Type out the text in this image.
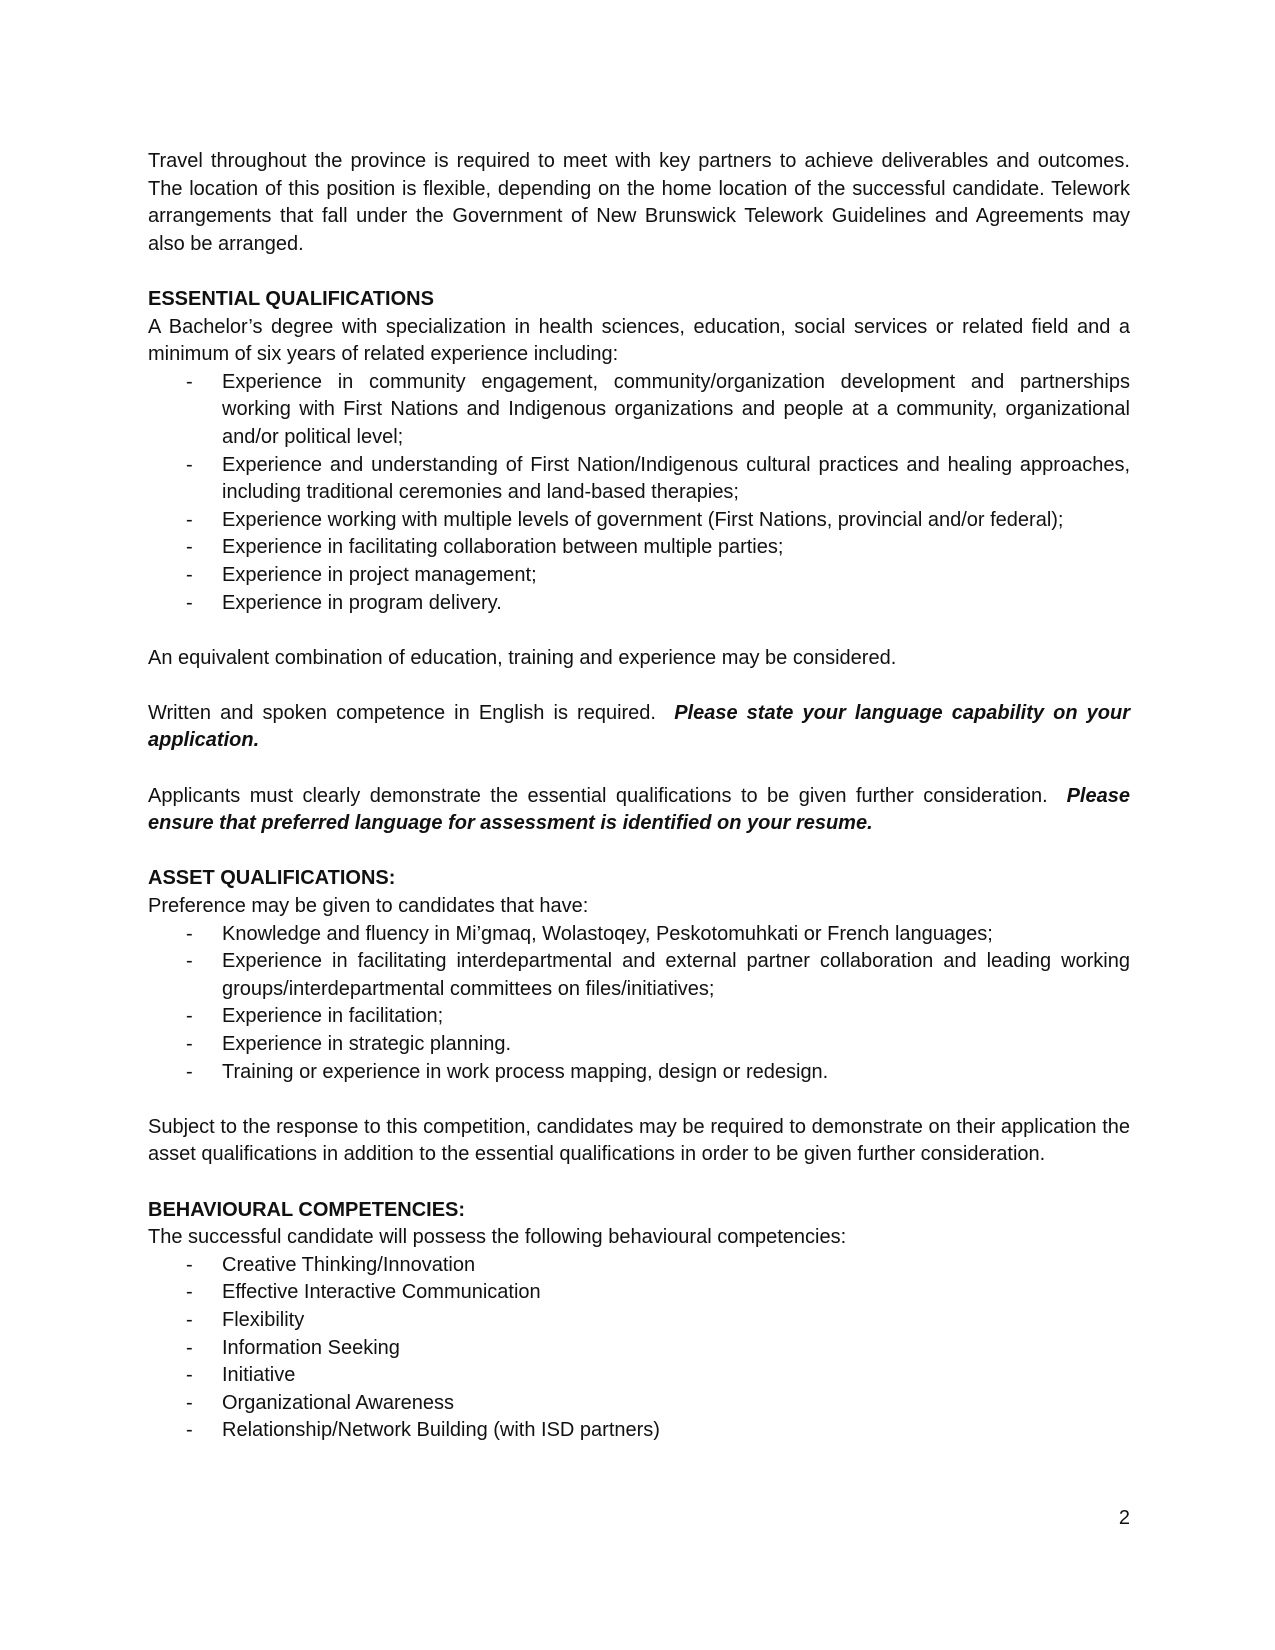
Travel throughout the province is required to meet with key partners to achieve deliverables and outcomes. The location of this position is flexible, depending on the home location of the successful candidate. Telework arrangements that fall under the Government of New Brunswick Telework Guidelines and Agreements may also be arranged.

ESSENTIAL QUALIFICATIONS

A Bachelor’s degree with specialization in health sciences, education, social services or related field and a minimum of six years of related experience including:

- Experience in community engagement, community/organization development and partnerships working with First Nations and Indigenous organizations and people at a community, organizational and/or political level;
- Experience and understanding of First Nation/Indigenous cultural practices and healing approaches, including traditional ceremonies and land-based therapies;
- Experience working with multiple levels of government (First Nations, provincial and/or federal);
- Experience in facilitating collaboration between multiple parties;
- Experience in project management;
- Experience in program delivery.

An equivalent combination of education, training and experience may be considered.

Written and spoken competence in English is required. Please state your language capability on your application.

Applicants must clearly demonstrate the essential qualifications to be given further consideration. Please ensure that preferred language for assessment is identified on your resume.

ASSET QUALIFICATIONS:

Preference may be given to candidates that have:

- Knowledge and fluency in Mi’gmaq, Wolastoqey, Peskotomuhkati or French languages;
- Experience in facilitating interdepartmental and external partner collaboration and leading working groups/interdepartmental committees on files/initiatives;
- Experience in facilitation;
- Experience in strategic planning.
- Training or experience in work process mapping, design or redesign.

Subject to the response to this competition, candidates may be required to demonstrate on their application the asset qualifications in addition to the essential qualifications in order to be given further consideration.

BEHAVIOURAL COMPETENCIES:

The successful candidate will possess the following behavioural competencies:

- Creative Thinking/Innovation
- Effective Interactive Communication
- Flexibility
- Information Seeking
- Initiative
- Organizational Awareness
- Relationship/Network Building (with ISD partners)
2
